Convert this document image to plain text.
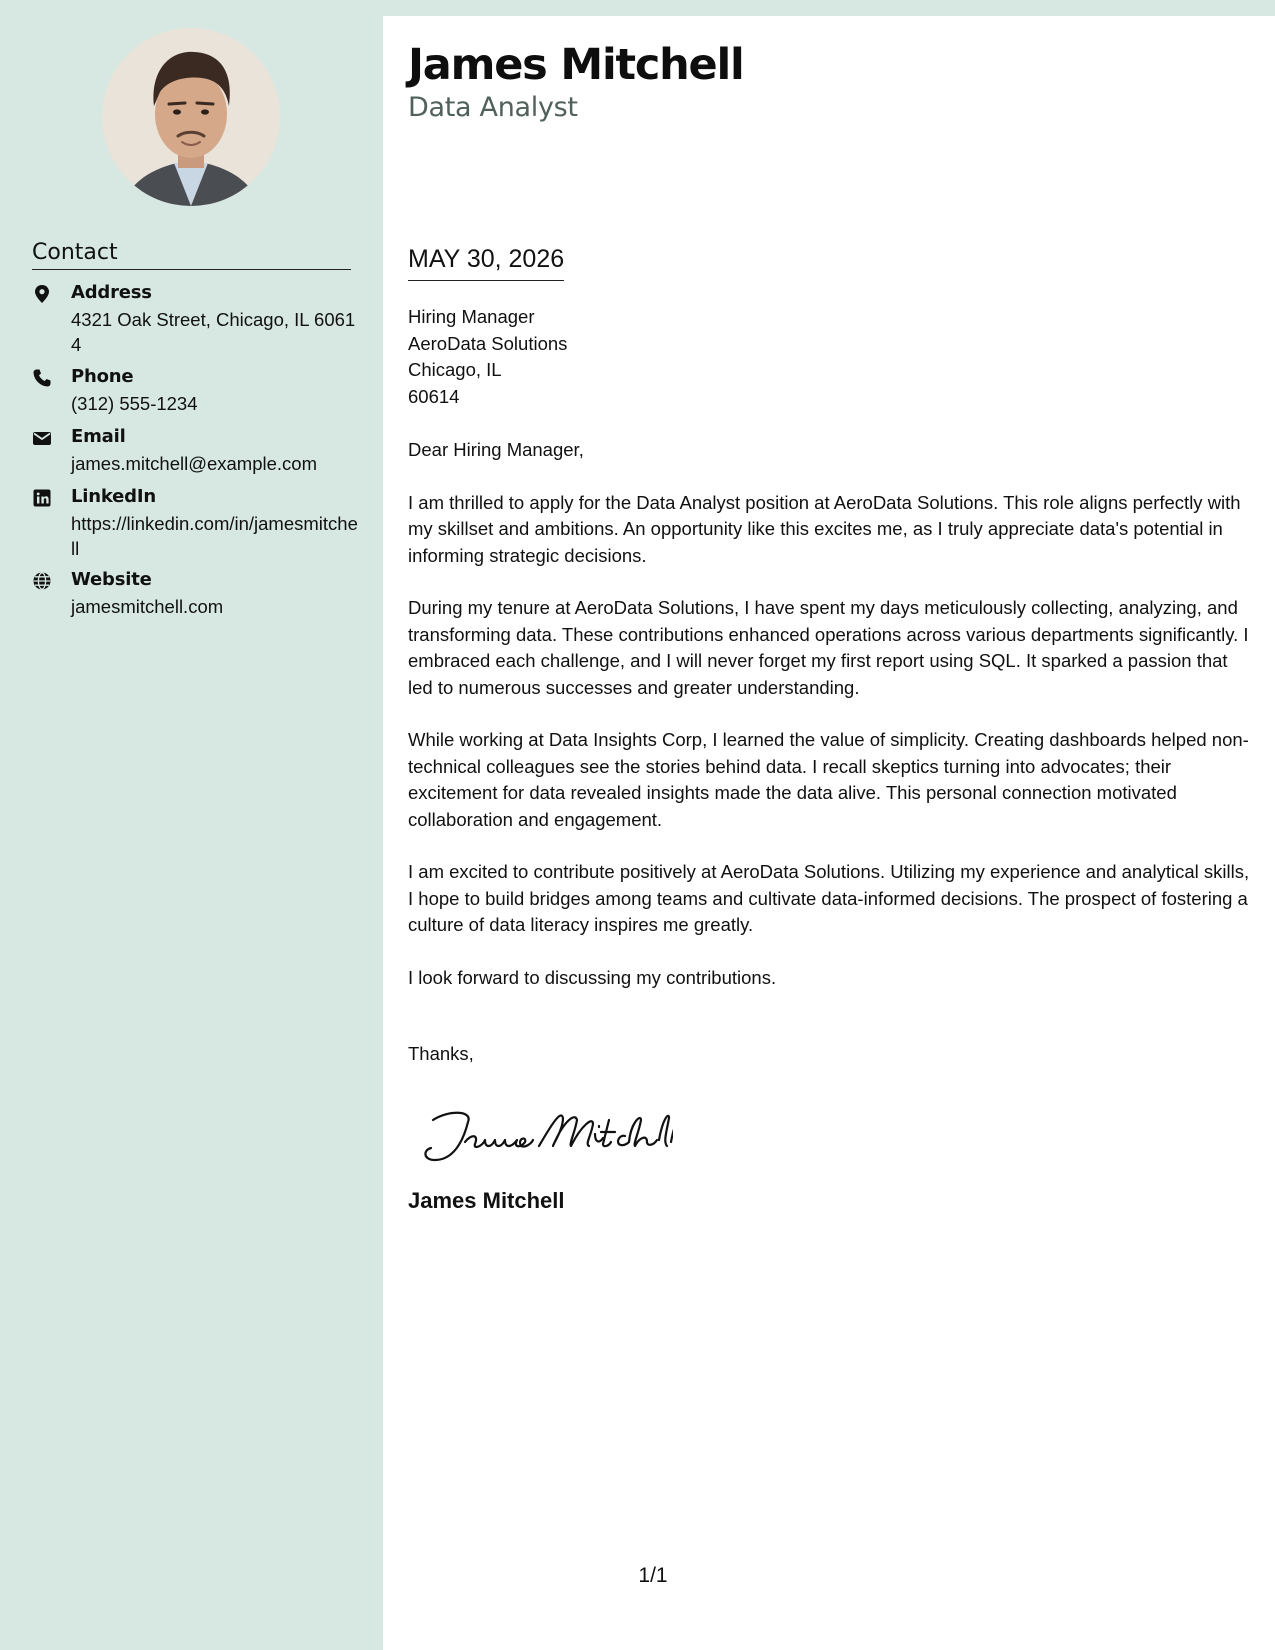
Contact
Address
4321 Oak Street, Chicago, IL 60614
Phone
(312) 555-1234
Email
james.mitchell@example.com
LinkedIn
https://linkedin.com/in/jamesmitchell
Website
jamesmitchell.com
James Mitchell
Data Analyst
MAY 30, 2026
Hiring Manager
AeroData Solutions
Chicago, IL
60614

Dear Hiring Manager,

I am thrilled to apply for the Data Analyst position at AeroData Solutions. This role aligns perfectly with my skillset and ambitions. An opportunity like this excites me, as I truly appreciate data's potential in informing strategic decisions.

During my tenure at AeroData Solutions, I have spent my days meticulously collecting, analyzing, and transforming data. These contributions enhanced operations across various departments significantly. I embraced each challenge, and I will never forget my first report using SQL. It sparked a passion that led to numerous successes and greater understanding.

While working at Data Insights Corp, I learned the value of simplicity. Creating dashboards helped non-technical colleagues see the stories behind data. I recall skeptics turning into advocates; their excitement for data revealed insights made the data alive. This personal connection motivated collaboration and engagement.

I am excited to contribute positively at AeroData Solutions. Utilizing my experience and analytical skills, I hope to build bridges among teams and cultivate data-informed decisions. The prospect of fostering a culture of data literacy inspires me greatly.

I look forward to discussing my contributions.

Thanks,
James Mitchell
1/1
